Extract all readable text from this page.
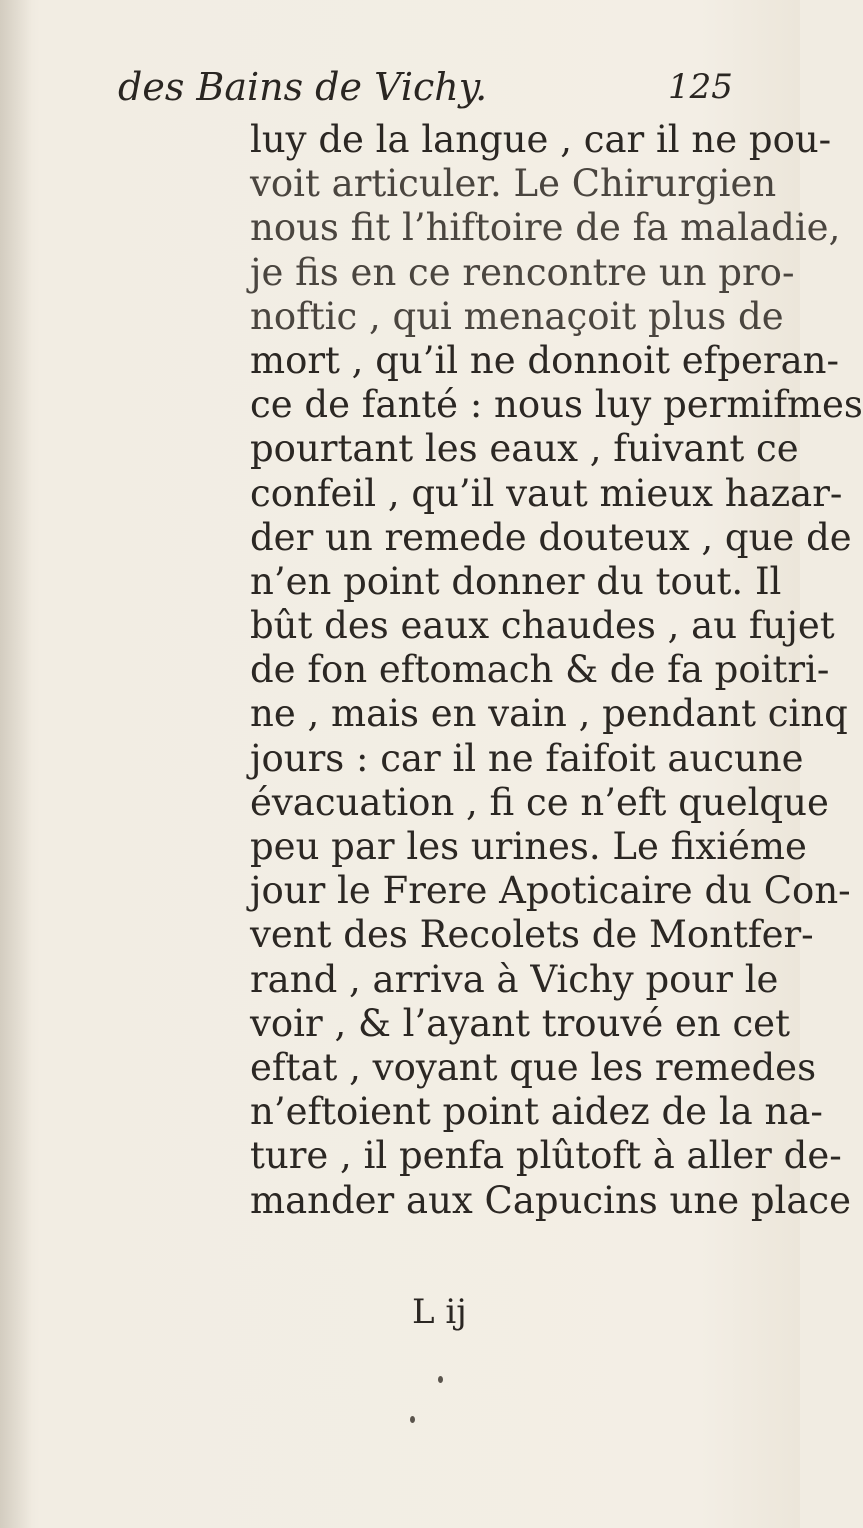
des Bains de Vichy.	125
luy de la langue , car il ne pou-
voit articuler. Le Chirurgien
nous fit l’hiftoire de fa maladie,
je fis en ce rencontre un pro-
noftic , qui menaçoit plus de
mort , qu’il ne donnoit efperan-
ce de fanté : nous luy permifmes
pourtant les eaux , fuivant ce
confeil , qu’il vaut mieux hazar-
der un remede douteux , que de
n’en point donner du tout. Il
bût des eaux chaudes , au fujet
de fon eftomach & de fa poitri-
ne , mais en vain , pendant cinq
jours : car il ne faifoit aucune
évacuation , fi ce n’eft quelque
peu par les urines. Le fixiéme
jour le Frere Apoticaire du Con-
vent des Recolets de Montfer-
rand , arriva à Vichy pour le
voir , & l’ayant trouvé en cet
eftat , voyant que les remedes
n’eftoient point aidez de la na-
ture , il penfa plûtoft à aller de-
mander aux Capucins une place
L ij
